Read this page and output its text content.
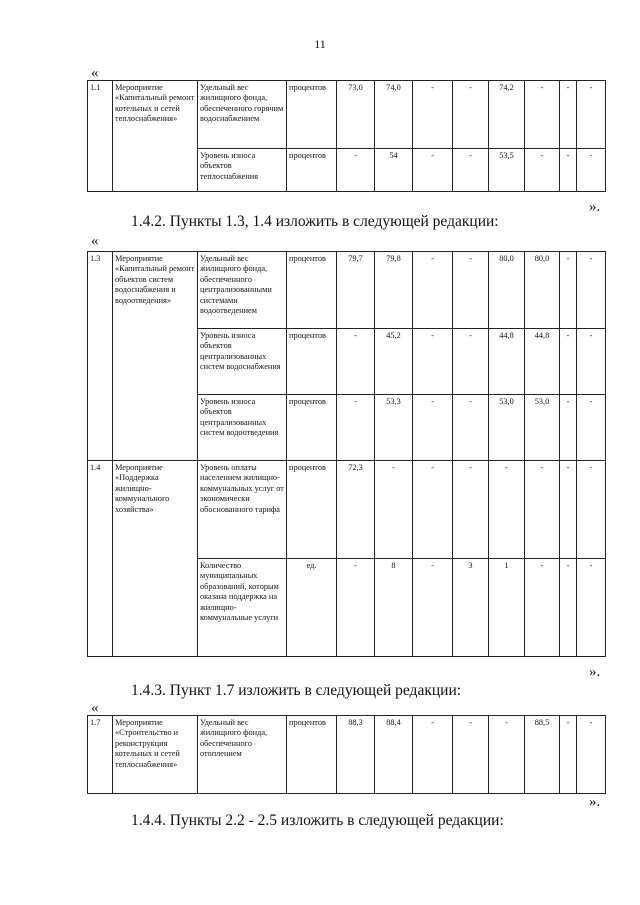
11
«
1.1	Мероприятие «Капитальный ремонт котельных и сетей теплоснабжения»	Удельный вес жилищного фонда, обеспеченного горячим водоснабжением	процентов	73,0	74,0	-	-	74,2	-	-	-
		Уровень износа объектов теплоснабжения	процентов	-	54	-	-	53,5	-	-	-
».
1.4.2. Пункты 1.3, 1.4 изложить в следующей редакции:
«
1.3	Мероприятие «Капитальный ремонт объектов систем водоснабжения и водоотведения»	Удельный вес жилищного фонда, обеспеченного централизованными системами водоотведением	процентов	79,7	79,8	-	-	80,0	80,0	-	-
		Уровень износа объектов централизованных систем водоснабжения	процентов	-	45,2	-	-	44,8	44,8	-	-
		Уровень износа объектов централизованных систем водоотведения	процентов	-	53,3	-	-	53,0	53,0	-	-
1.4	Мероприятие «Поддержка жилищно-коммунального хозяйства»	Уровень оплаты населением жилищно-коммунальных услуг от экономически обоснованного тарифа	процентов	72,3	-	-	-	-	-	-	-
		Количество муниципальных образований, которым оказана поддержка на жилищно-коммунальные услуги	ед.	-	8	-	3	1	-	-	-
».
1.4.3. Пункт 1.7 изложить в следующей редакции:
«
1.7	Мероприятие «Строительство и реконструкция котельных и сетей теплоснабжения»	Удельный вес жилищного фонда, обеспеченного отоплением	процентов	88,3	88,4	-	-	-	88,5	-	-
».
1.4.4. Пункты 2.2 - 2.5 изложить в следующей редакции:
